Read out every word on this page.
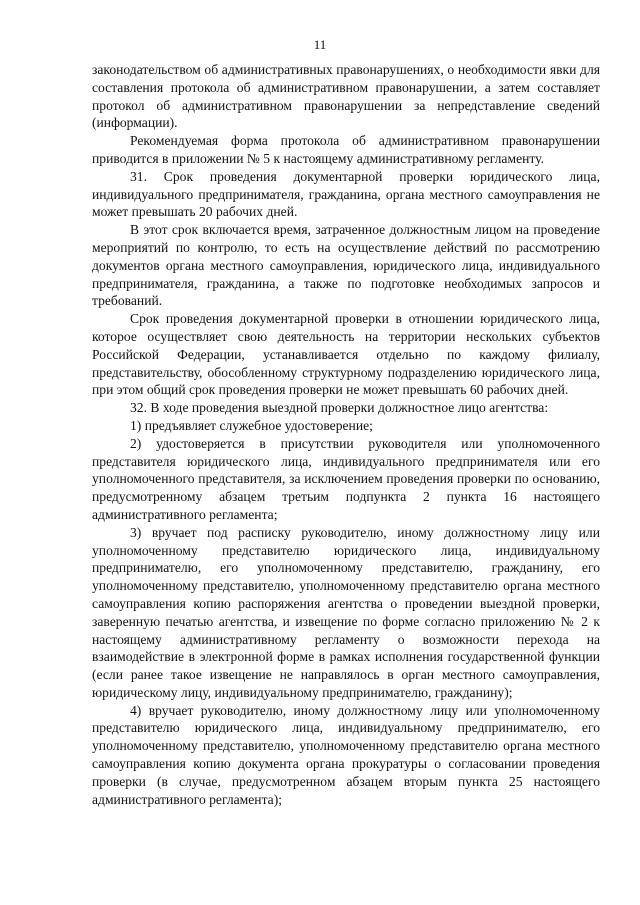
11

законодательством об административных правонарушениях, о необходимости явки для составления протокола об административном правонарушении, а затем составляет протокол об административном правонарушении за непредставление сведений (информации).

Рекомендуемая форма протокола об административном правонарушении приводится в приложении № 5 к настоящему административному регламенту.

31. Срок проведения документарной проверки юридического лица, индивидуального предпринимателя, гражданина, органа местного самоуправления не может превышать 20 рабочих дней.

В этот срок включается время, затраченное должностным лицом на проведение мероприятий по контролю, то есть на осуществление действий по рассмотрению документов органа местного самоуправления, юридического лица, индивидуального предпринимателя, гражданина, а также по подготовке необходимых запросов и требований.

Срок проведения документарной проверки в отношении юридического лица, которое осуществляет свою деятельность на территории нескольких субъектов Российской Федерации, устанавливается отдельно по каждому филиалу, представительству, обособленному структурному подразделению юридического лица, при этом общий срок проведения проверки не может превышать 60 рабочих дней.

32. В ходе проведения выездной проверки должностное лицо агентства:

1) предъявляет служебное удостоверение;

2) удостоверяется в присутствии руководителя или уполномоченного представителя юридического лица, индивидуального предпринимателя или его уполномоченного представителя, за исключением проведения проверки по основанию, предусмотренному абзацем третьим подпункта 2 пункта 16 настоящего административного регламента;

3) вручает под расписку руководителю, иному должностному лицу или уполномоченному представителю юридического лица, индивидуальному предпринимателю, его уполномоченному представителю, гражданину, его уполномоченному представителю, уполномоченному представителю органа местного самоуправления копию распоряжения агентства о проведении выездной проверки, заверенную печатью агентства, и извещение по форме согласно приложению № 2 к настоящему административному регламенту о возможности перехода на взаимодействие в электронной форме в рамках исполнения государственной функции (если ранее такое извещение не направлялось в орган местного самоуправления, юридическому лицу, индивидуальному предпринимателю, гражданину);

4) вручает руководителю, иному должностному лицу или уполномоченному представителю юридического лица, индивидуальному предпринимателю, его уполномоченному представителю, уполномоченному представителю органа местного самоуправления копию документа органа прокуратуры о согласовании проведения проверки (в случае, предусмотренном абзацем вторым пункта 25 настоящего административного регламента);
